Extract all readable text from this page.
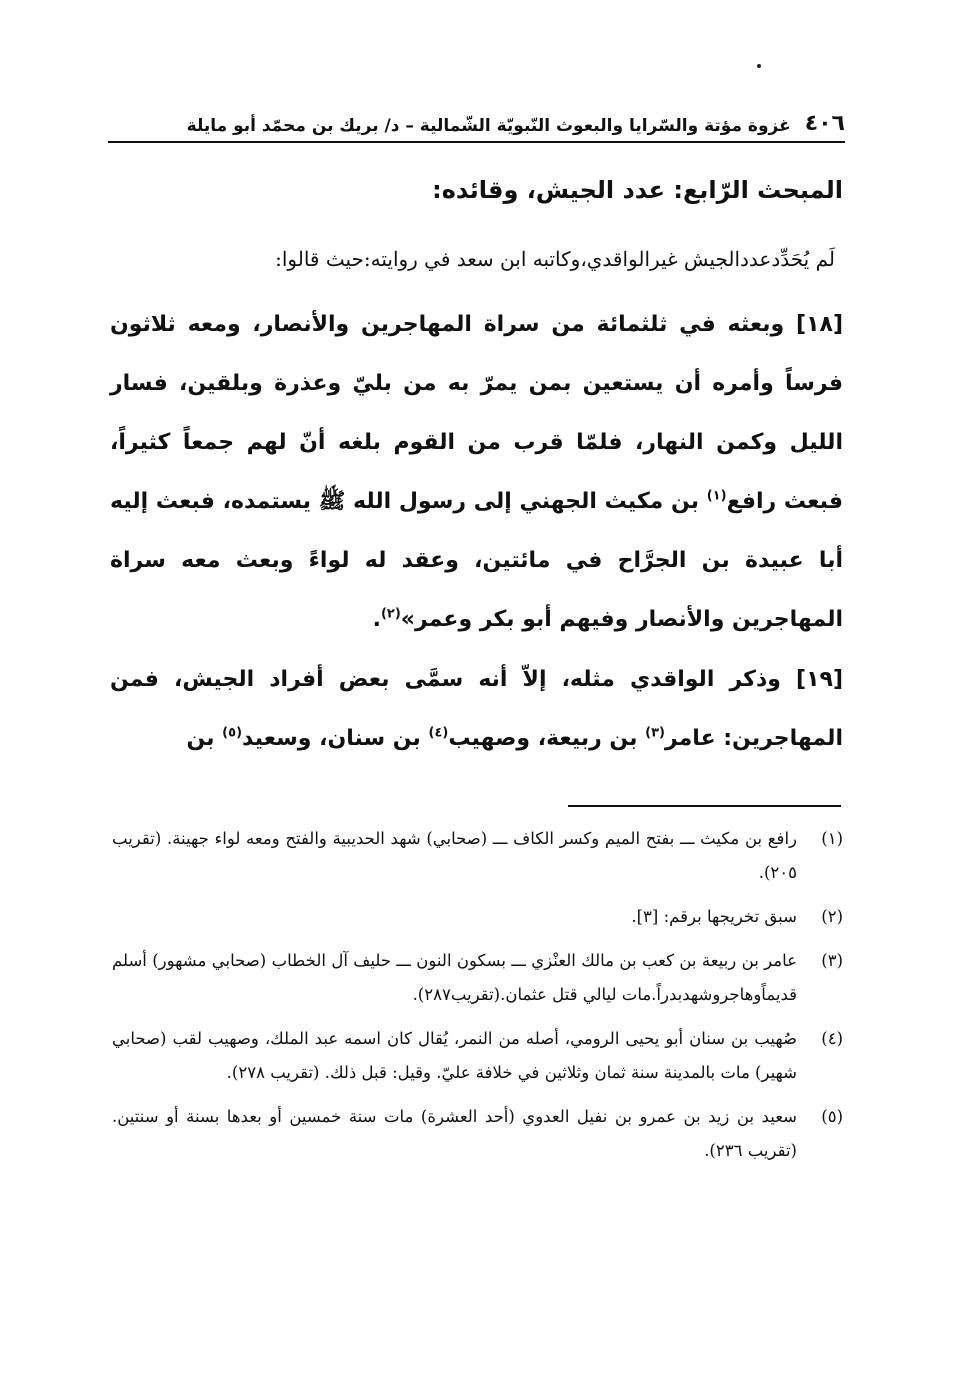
٤٠٦
غزوة مؤتة والسّرايا والبعوث النّبويّة الشّمالية – د/ بريك بن محمّد أبو مايلة
المبحث الرّابع: عدد الجيش، وقائده:
لَم يُحَدِّدعددالجيش غيرالواقدي،وكاتبه ابن سعد في روايته:حيث قالوا:
[١٨] وبعثه في ثلثمائة من سراة المهاجرين والأنصار، ومعه ثلاثون فرساً وأمره أن يستعين بمن يمرّ به من بليّ وعذرة وبلقين، فسار الليل وكمن النهار، فلمّا قرب من القوم بلغه أنّ لهم جمعاً كثيراً، فبعث رافع$^{(١)}$ بن مكيث الجهني إلى رسول الله ﷺ يستمده، فبعث إليه أبا عبيدة بن الجرَّاح في مائتين، وعقد له لواءً وبعث معه سراة المهاجرين والأنصار وفيهم أبو بكر وعمر»$^{(٢)}$.
[١٩] وذكر الواقدي مثله، إلاّ أنه سمَّى بعض أفراد الجيش، فمن المهاجرين: عامر$^{(٣)}$ بن ربيعة، وصهيب$^{(٤)}$ بن سنان، وسعيد$^{(٥)}$ بن
(١)
رافع بن مكيث ـــ بفتح الميم وكسر الكاف ـــ (صحابي) شهد الحديبية والفتح ومعه لواء جهينة. (تقريب ٢٠٥).
(٢)
سبق تخريجها برقم: [٣].
(٣)
عامر بن ربيعة بن كعب بن مالك العنْزي ـــ بسكون النون ـــ حليف آل الخطاب (صحابي مشهور) أسلم قديماًوهاجروشهدبدراً.مات ليالي قتل عثمان.(تقريب٢٨٧).
(٤)
صُهيب بن سنان أبو يحيى الرومي، أصله من النمر، يُقال كان اسمه عبد الملك، وصهيب لقب (صحابي شهير) مات بالمدينة سنة ثمان وثلاثين في خلافة عليّ. وقيل: قبل ذلك. (تقريب ٢٧٨).
(٥)
سعيد بن زيد بن عمرو بن نفيل العدوي (أحد العشرة) مات سنة خمسين أو بعدها بسنة أو سنتين. (تقريب ٢٣٦).
